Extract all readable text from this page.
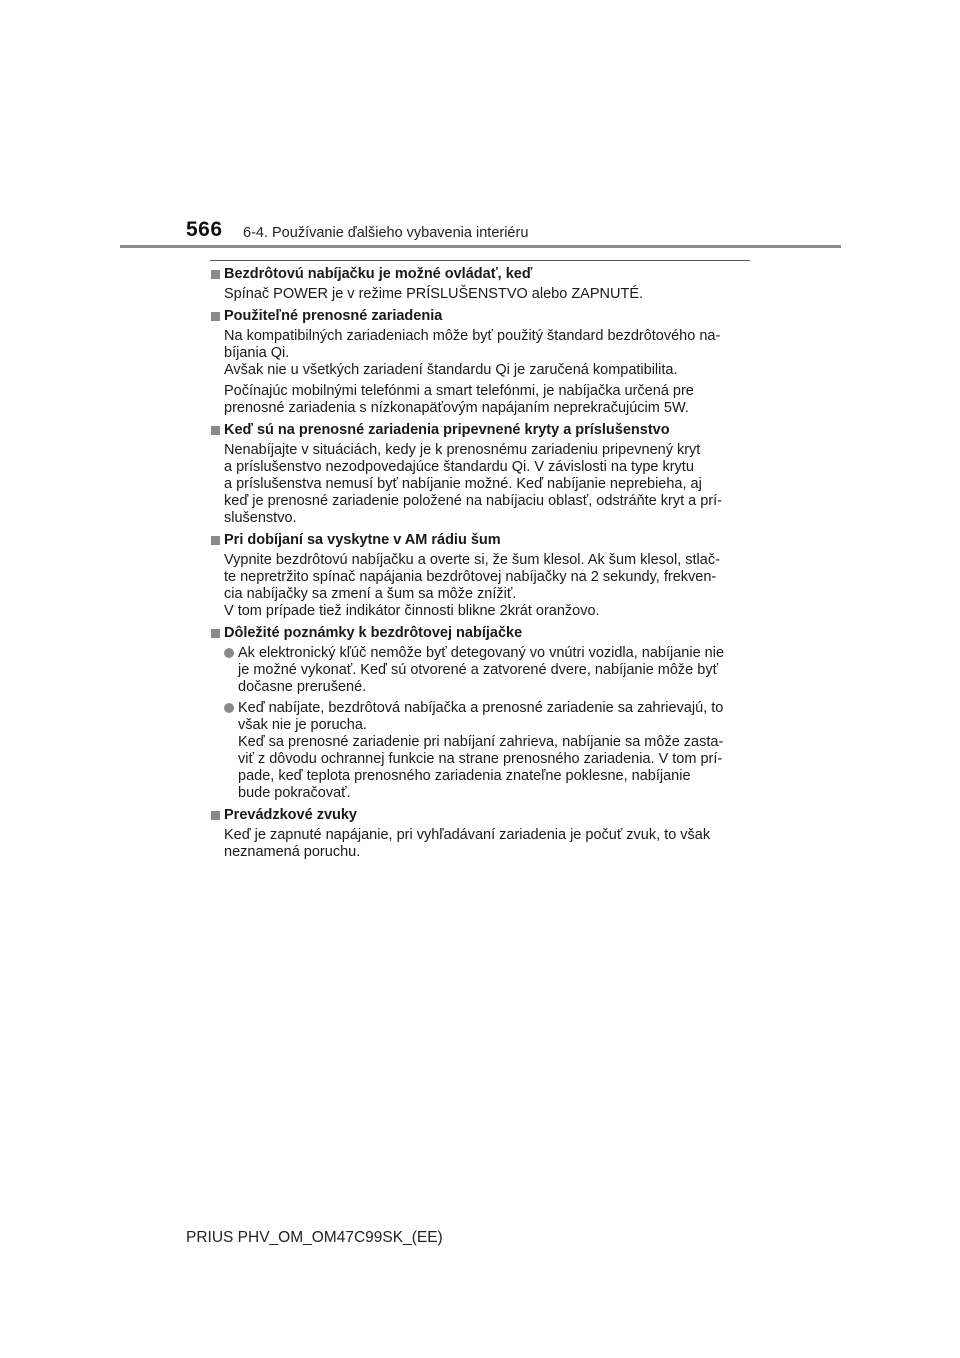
566 6-4. Používanie ďalšieho vybavenia interiéru
Bezdrôtovú nabíjačku je možné ovládať, keď
Spínač POWER je v režime PRÍSLUŠENSTVO alebo ZAPNUTÉ.
Použiteľné prenosné zariadenia
Na kompatibilných zariadeniach môže byť použitý štandard bezdrôtového na-
bíjania Qi.
Avšak nie u všetkých zariadení štandardu Qi je zaručená kompatibilita.
Počínajúc mobilnými telefónmi a smart telefónmi, je nabíjačka určená pre
prenosné zariadenia s nízkonapäťovým napájaním neprekračujúcim 5W.
Keď sú na prenosné zariadenia pripevnené kryty a príslušenstvo
Nenabíjajte v situáciách, kedy je k prenosnému zariadeniu pripevnený kryt
a príslušenstvo nezodpovedajúce štandardu Qi. V závislosti na type krytu
a príslušenstva nemusí byť nabíjanie možné. Keď nabíjanie neprebieha, aj
keď je prenosné zariadenie položené na nabíjaciu oblasť, odstráňte kryt a prí-
slušenstvo.
Pri dobíjaní sa vyskytne v AM rádiu šum
Vypnite bezdrôtovú nabíjačku a overte si, že šum klesol. Ak šum klesol, stlač-
te nepretržito spínač napájania bezdrôtovej nabíjačky na 2 sekundy, frekven-
cia nabíjačky sa zmení a šum sa môže znížiť.
V tom prípade tiež indikátor činnosti blikne 2krát oranžovo.
Dôležité poznámky k bezdrôtovej nabíjačke
Ak elektronický kľúč nemôže byť detegovaný vo vnútri vozidla, nabíjanie nie
je možné vykonať. Keď sú otvorené a zatvorené dvere, nabíjanie môže byť
dočasne prerušené.
Keď nabíjate, bezdrôtová nabíjačka a prenosné zariadenie sa zahrievajú, to
však nie je porucha.
Keď sa prenosné zariadenie pri nabíjaní zahrieva, nabíjanie sa môže zasta-
viť z dôvodu ochrannej funkcie na strane prenosného zariadenia. V tom prí-
pade, keď teplota prenosného zariadenia znateľne poklesne, nabíjanie
bude pokračovať.
Prevádzkové zvuky
Keď je zapnuté napájanie, pri vyhľadávaní zariadenia je počuť zvuk, to však
neznamená poruchu.
PRIUS PHV_OM_OM47C99SK_(EE)
